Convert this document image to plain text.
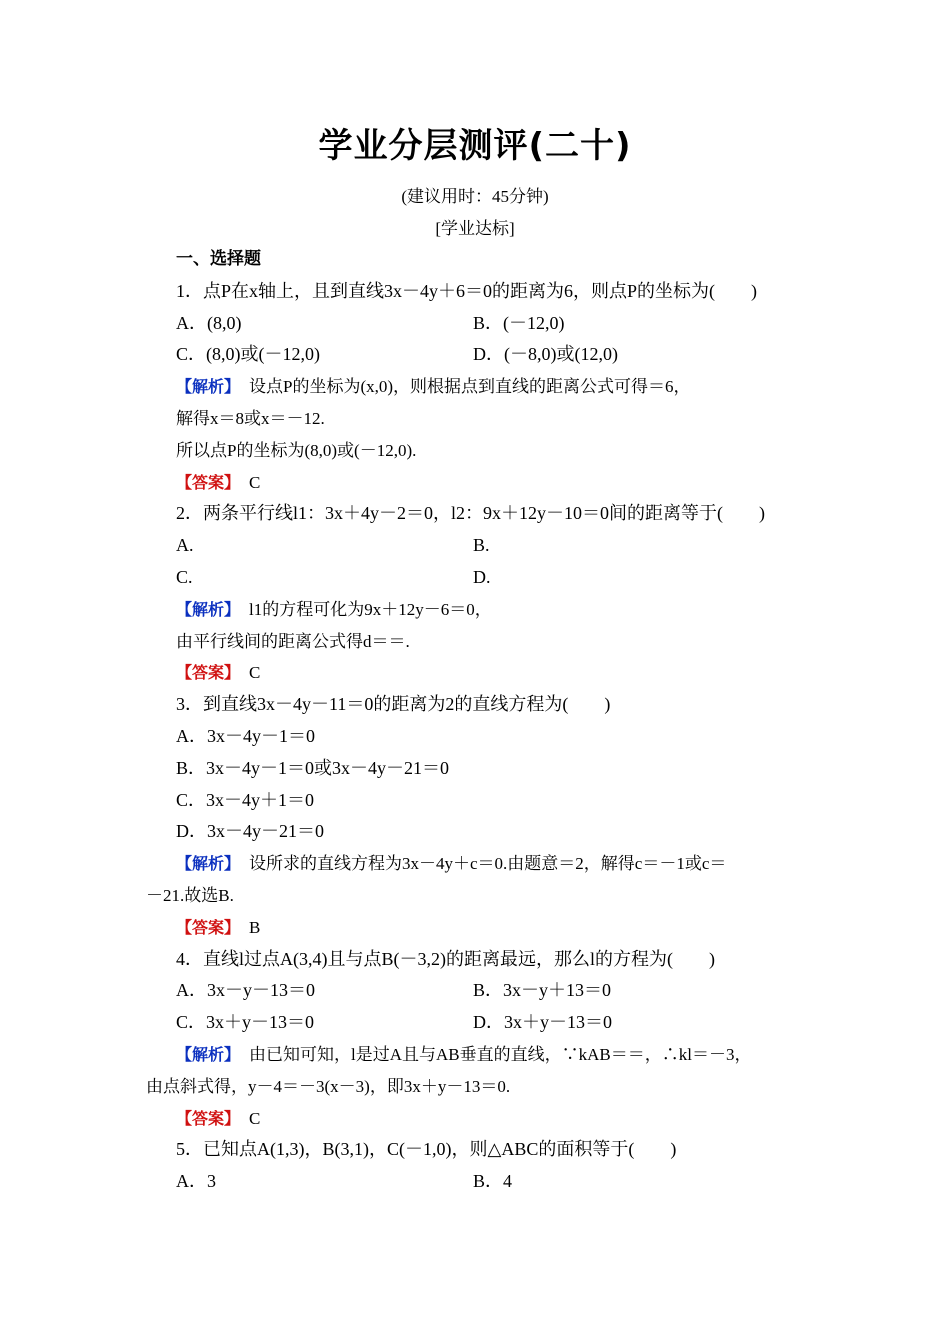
学业分层测评(二十)
(建议用时：45分钟)
[学业达标]
一、选择题
1．点P在x轴上，且到直线3x－4y＋6＝0的距离为6，则点P的坐标为(　　)
A．(8,0)	B．(－12,0)
C．(8,0)或(－12,0)	D．(－8,0)或(12,0)
【解析】　设点P的坐标为(x,0)，则根据点到直线的距离公式可得＝6，
解得x＝8或x＝－12.
所以点P的坐标为(8,0)或(－12,0).
【答案】　C
2．两条平行线l1：3x＋4y－2＝0，l2：9x＋12y－10＝0间的距离等于(　　)
A.	B.
C.	D.
【解析】　l1的方程可化为9x＋12y－6＝0，
由平行线间的距离公式得d＝＝.
【答案】　C
3．到直线3x－4y－11＝0的距离为2的直线方程为(　　)
A．3x－4y－1＝0
B．3x－4y－1＝0或3x－4y－21＝0
C．3x－4y＋1＝0
D．3x－4y－21＝0
【解析】　设所求的直线方程为3x－4y＋c＝0.由题意＝2，解得c＝－1或c＝
－21.故选B.
【答案】　B
4．直线l过点A(3,4)且与点B(－3,2)的距离最远，那么l的方程为(　　)
A．3x－y－13＝0	B．3x－y＋13＝0
C．3x＋y－13＝0	D．3x＋y－13＝0
【解析】　由已知可知，l是过A且与AB垂直的直线，∵kAB＝＝，∴kl＝－3，
由点斜式得，y－4＝－3(x－3)，即3x＋y－13＝0.
【答案】　C
5．已知点A(1,3)，B(3,1)，C(－1,0)，则△ABC的面积等于(　　)
A．3	B．4
